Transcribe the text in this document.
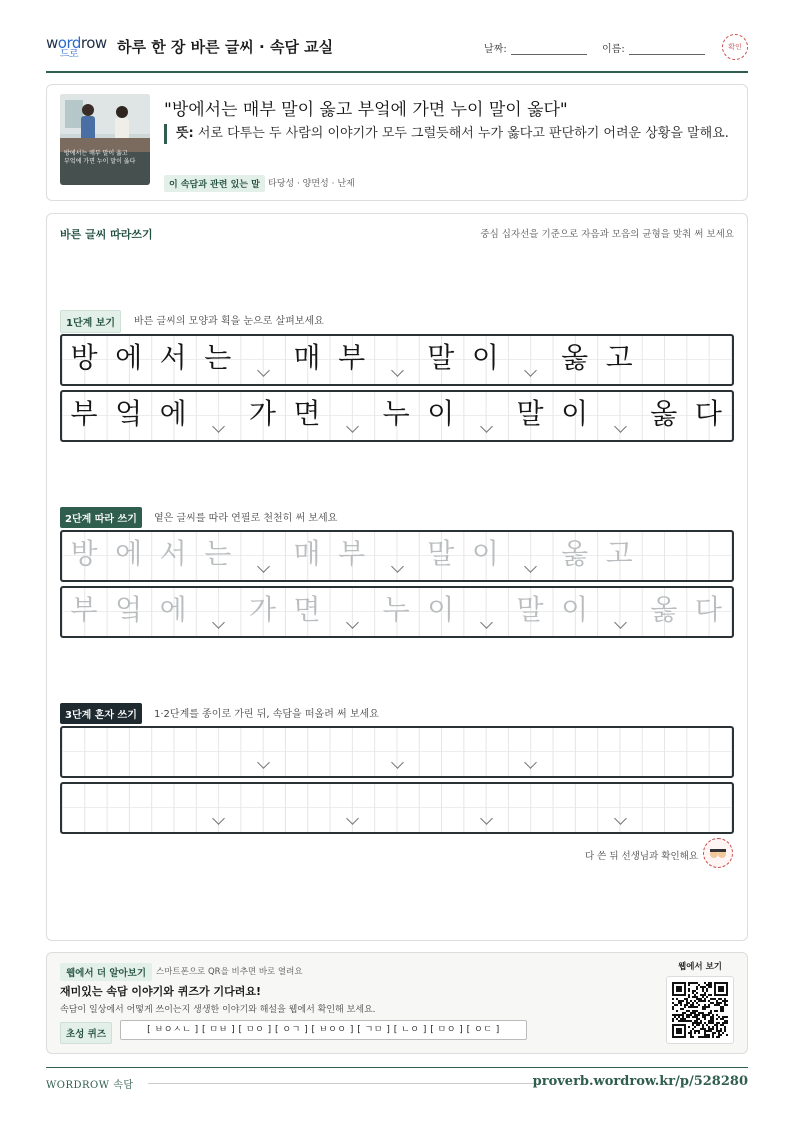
word
드로
row 하루 한 장 바른 글씨 · 속담 교실	날짜:	이름:	확인
방에서는 매부 말이 옳고
부엌에 가면 누이 말이 옳다
"방에서는 매부 말이 옳고 부엌에 가면 누이 말이 옳다"
뜻: 서로 다투는 두 사람의 이야기가 모두 그럴듯해서 누가 옳다고 판단하기 어려운 상황을 말해요.
이 속담과 관련 있는 말 타당성 · 양면성 · 난제
바른 글씨 따라쓰기	중심 십자선을 기준으로 자음과 모음의 균형을 맞춰 써 보세요
1단계 보기	바른 글씨의 모양과 획을 눈으로 살펴보세요
방 에 서 는	매 부	말 이	옳 고
부 엌 에	가 면	누 이	말 이	옳 다
2단계 따라 쓰기	옅은 글씨를 따라 연필로 천천히 써 보세요
방 에 서 는	매 부	말 이	옳 고
부 엌 에	가 면	누 이	말 이	옳 다
3단계 혼자 쓰기	1·2단계를 종이로 가린 뒤, 속담을 떠올려 써 보세요
다 쓴 뒤 선생님과 확인해요
웹에서 더 알아보기	스마트폰으로 QR을 비추면 바로 열려요
재미있는 속담 이야기와 퀴즈가 기다려요!
속담이 일상에서 어떻게 쓰이는지 생생한 이야기와 해설을 웹에서 확인해 보세요.
초성 퀴즈	[ ㅂㅇㅅㄴ ] [ ㅁㅂ ] [ ㅁㅇ ] [ ㅇㄱ ] [ ㅂㅇㅇ ] [ ㄱㅁ ] [ ㄴㅇ ] [ ㅁㅇ ] [ ㅇㄷ ]
웹에서 보기
WORDROW 속담	proverb.wordrow.kr/p/528280
